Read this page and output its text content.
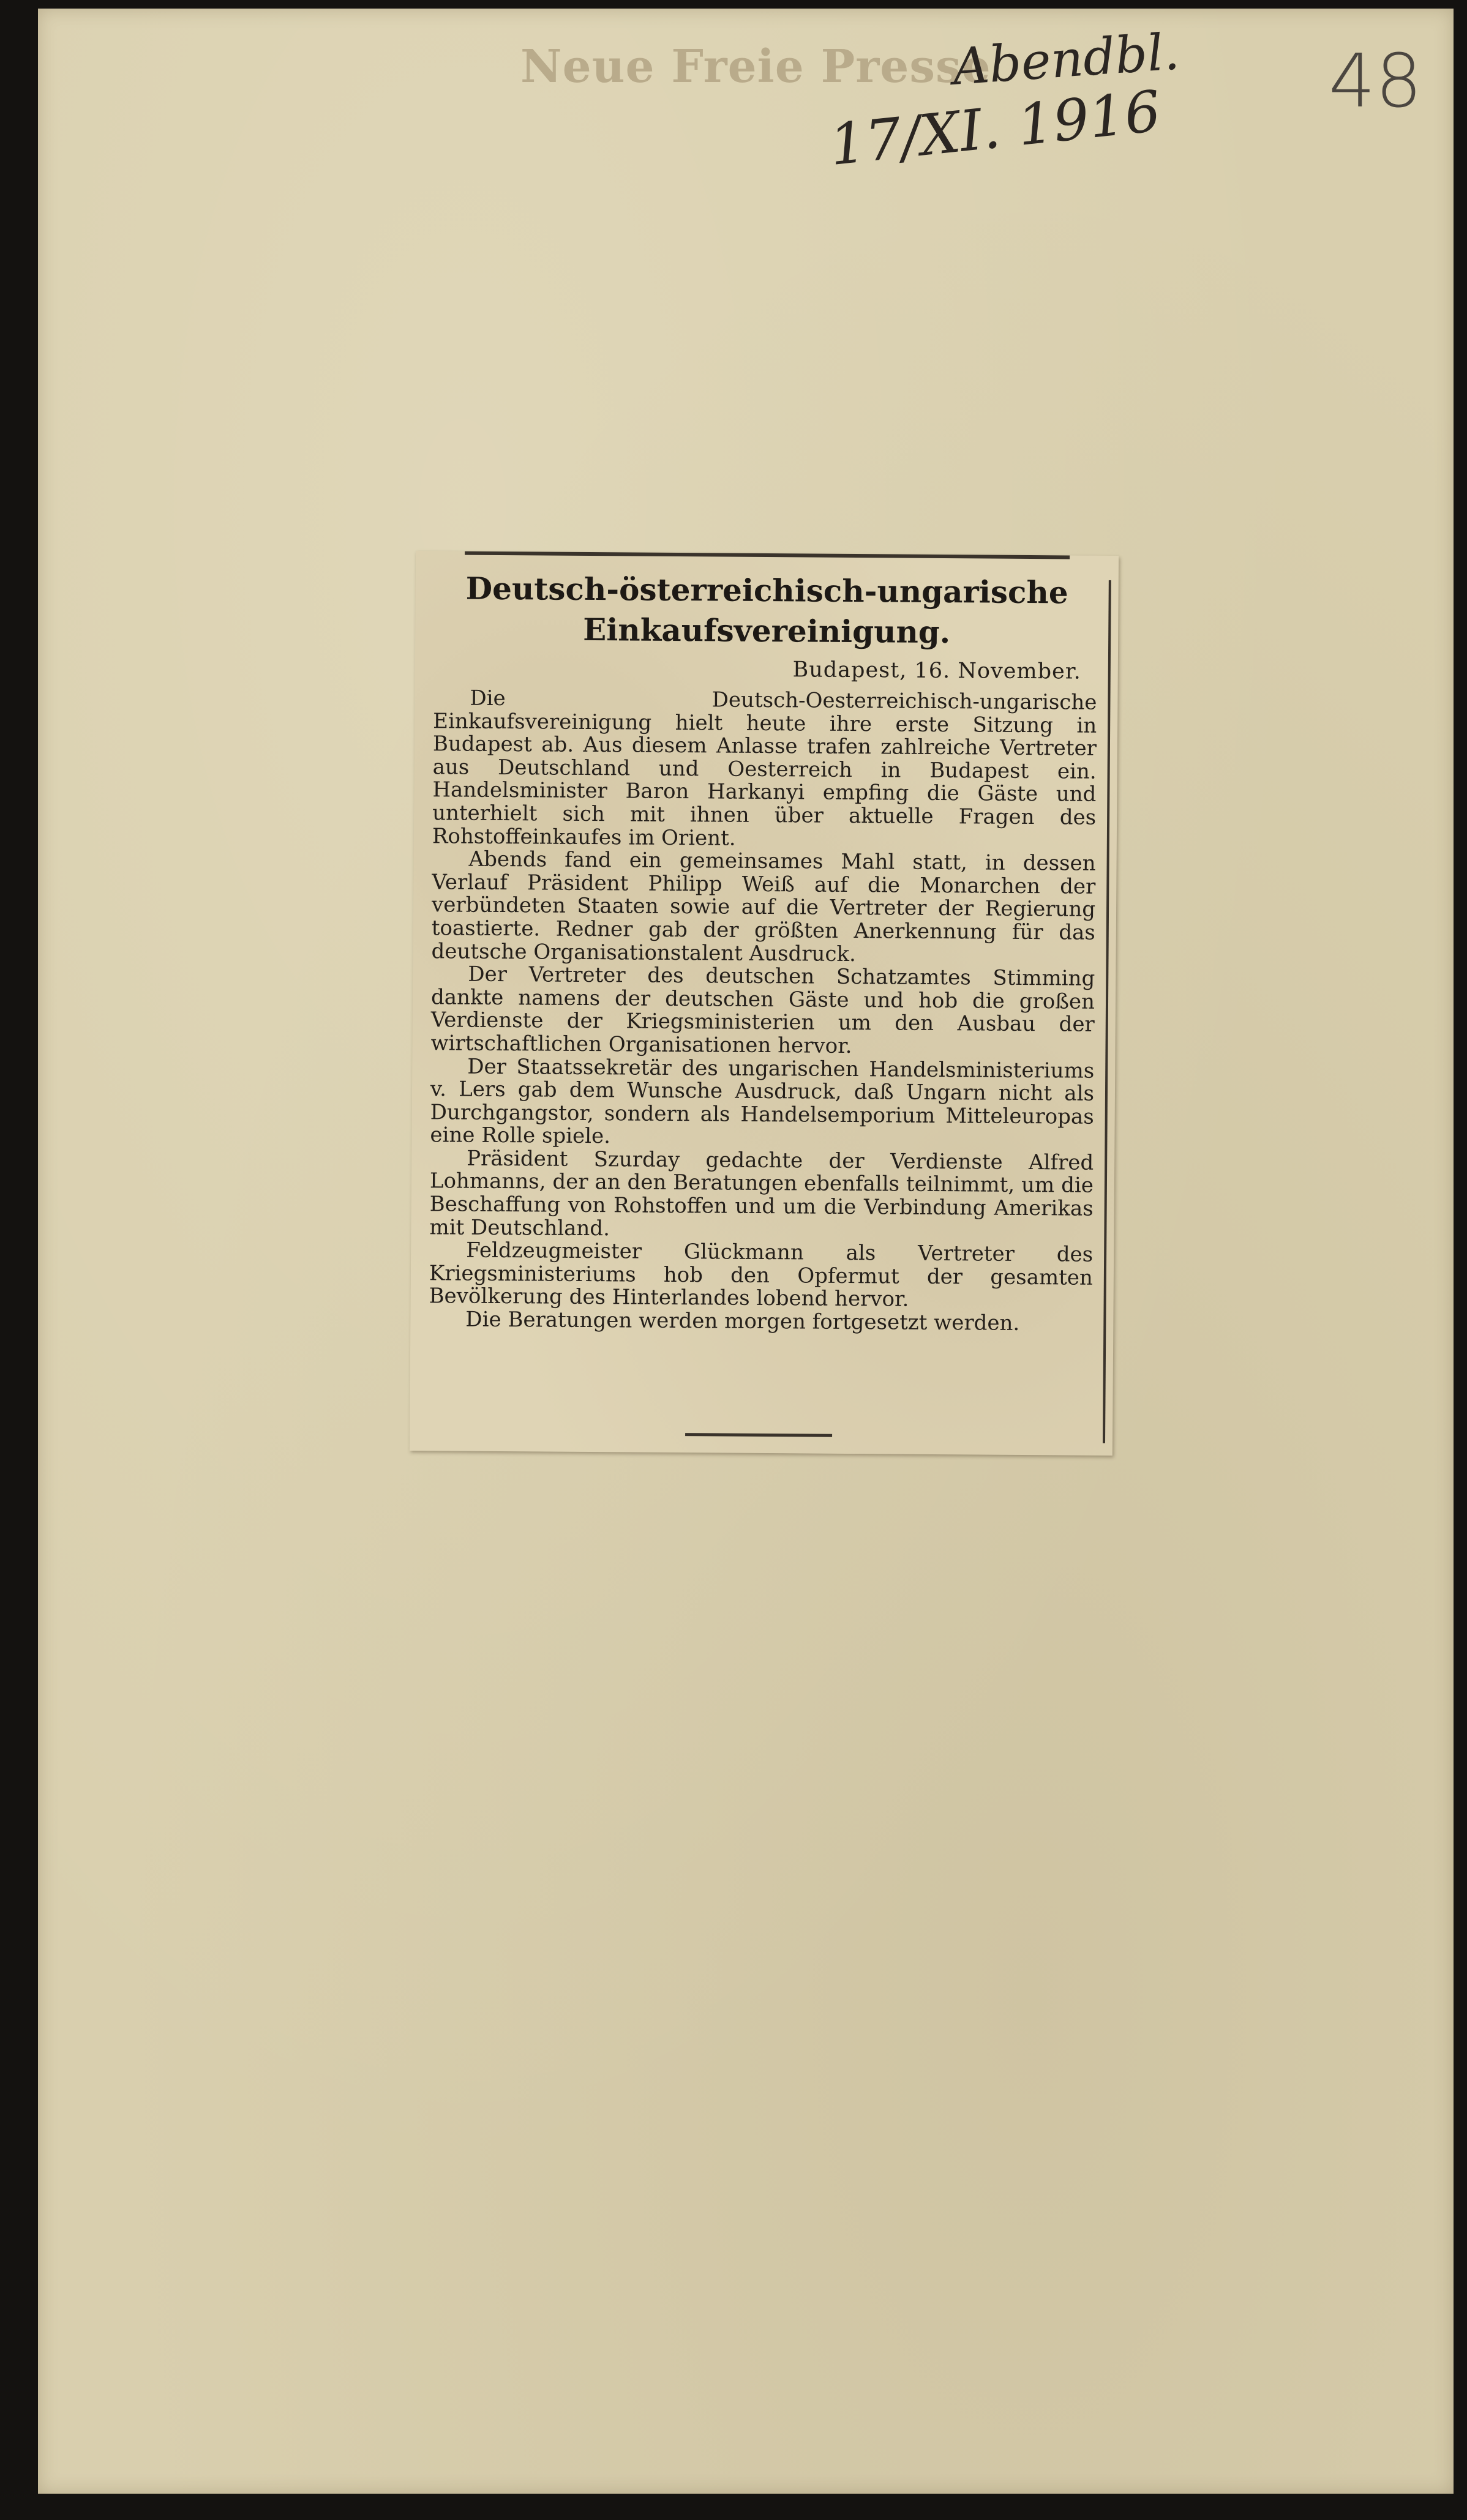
Neue Freie Presse
Abendbl.
17/XI. 1916 48
Deutsch-österreichisch-ungarische Einkaufsvereinigung.
Budapest, 16. November.

Die Deutsch-Oesterreichisch-ungarische Einkaufsvereinigung hielt heute ihre erste Sitzung in Budapest ab. Aus diesem Anlasse trafen zahlreiche Vertreter aus Deutschland und Oesterreich in Budapest ein. Handelsminister Baron Harkanyi empfing die Gäste und unterhielt sich mit ihnen über aktuelle Fragen des Rohstoffeinkaufes im Orient.

Abends fand ein gemeinsames Mahl statt, in dessen Verlauf Präsident Philipp Weiß auf die Monarchen der verbündeten Staaten sowie auf die Vertreter der Regierung toastierte. Redner gab der größten Anerkennung für das deutsche Organisationstalent Ausdruck.

Der Vertreter des deutschen Schatzamtes Stimming dankte namens der deutschen Gäste und hob die großen Verdienste der Kriegsministerien um den Ausbau der wirtschaftlichen Organisationen hervor.

Der Staatssekretär des ungarischen Handelsministeriums v. Lers gab dem Wunsche Ausdruck, daß Ungarn nicht als Durchgangstor, sondern als Handelsemporium Mitteleuropas eine Rolle spiele.

Präsident Szurday gedachte der Verdienste Alfred Lohmanns, der an den Beratungen ebenfalls teilnimmt, um die Beschaffung von Rohstoffen und um die Verbindung Amerikas mit Deutschland.

Feldzeugmeister Glückmann als Vertreter des Kriegsministeriums hob den Opfermut der gesamten Bevölkerung des Hinterlandes lobend hervor.

Die Beratungen werden morgen fortgesetzt werden.
